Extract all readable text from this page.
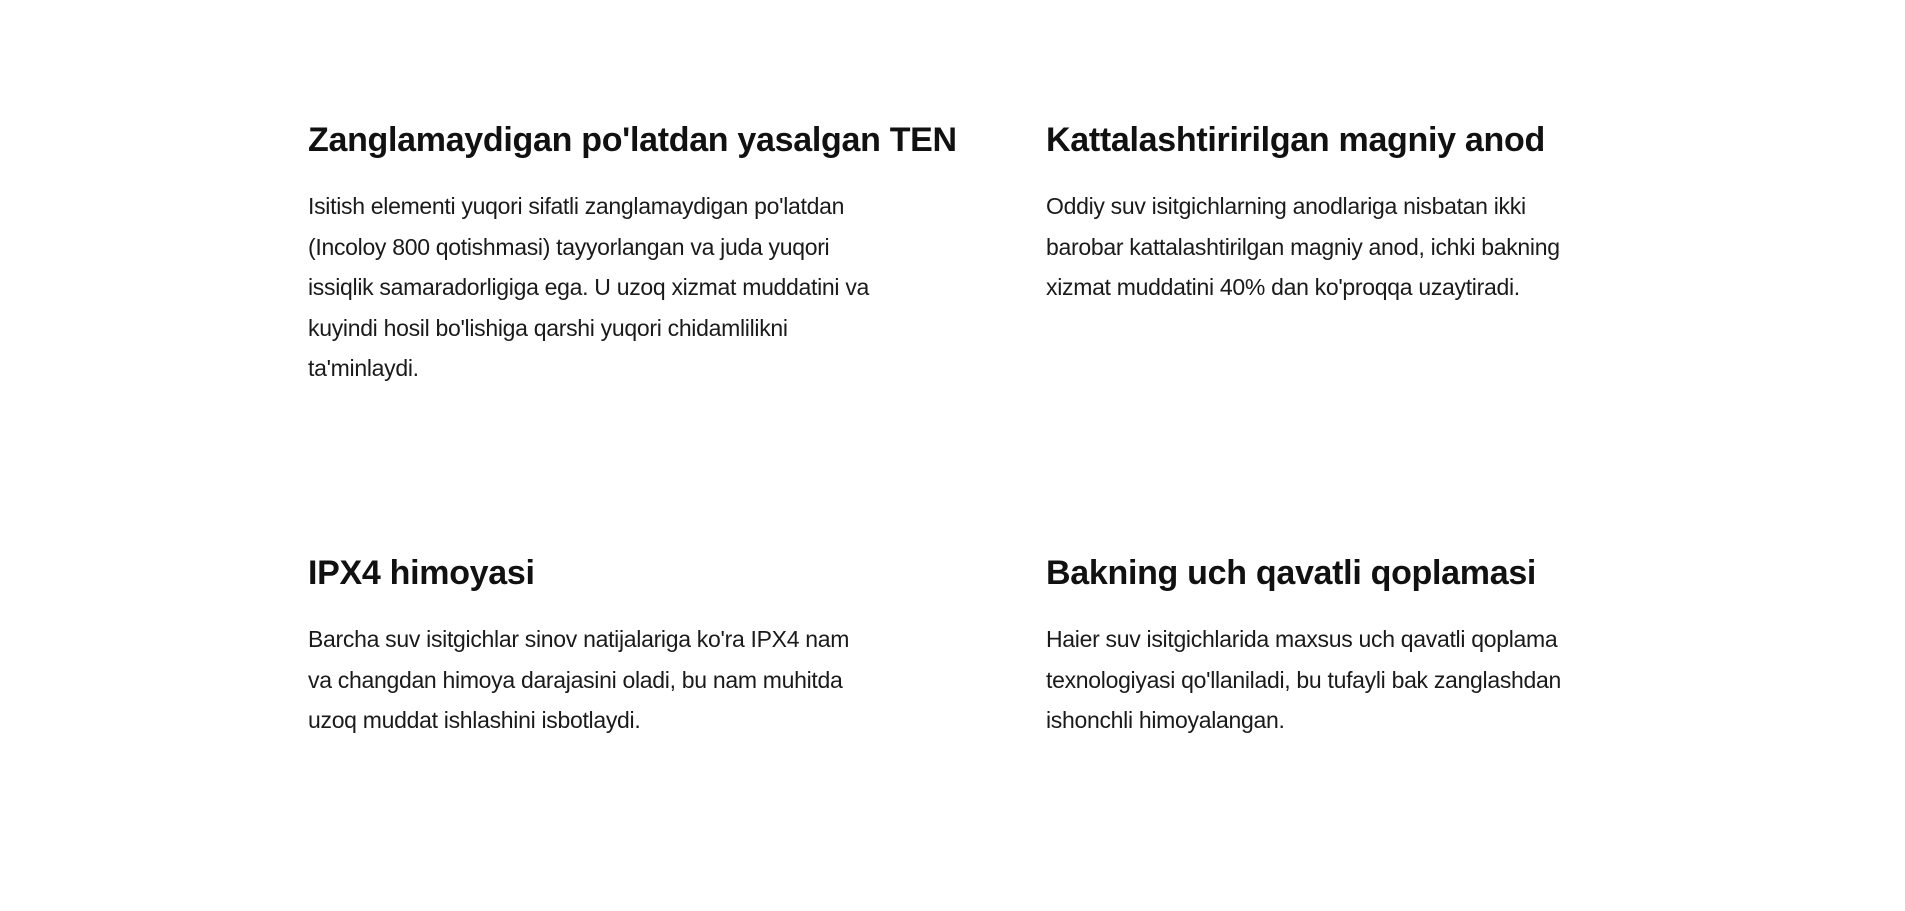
Zanglamaydigan po'latdan yasalgan TEN

Isitish elementi yuqori sifatli zanglamaydigan po'latdan (Incoloy 800 qotishmasi) tayyorlangan va juda yuqori issiqlik samaradorligiga ega. U uzoq xizmat muddatini va kuyindi hosil bo'lishiga qarshi yuqori chidamlilikni ta'minlaydi.

Kattalashtiririlgan magniy anod

Oddiy suv isitgichlarning anodlariga nisbatan ikki barobar kattalashtirilgan magniy anod, ichki bakning xizmat muddatini 40% dan ko'proqqa uzaytiradi.

IPX4 himoyasi

Barcha suv isitgichlar sinov natijalariga ko'ra IPX4 nam va changdan himoya darajasini oladi, bu nam muhitda uzoq muddat ishlashini isbotlaydi.

Bakning uch qavatli qoplamasi

Haier suv isitgichlarida maxsus uch qavatli qoplama texnologiyasi qo'llaniladi, bu tufayli bak zanglashdan ishonchli himoyalangan.
